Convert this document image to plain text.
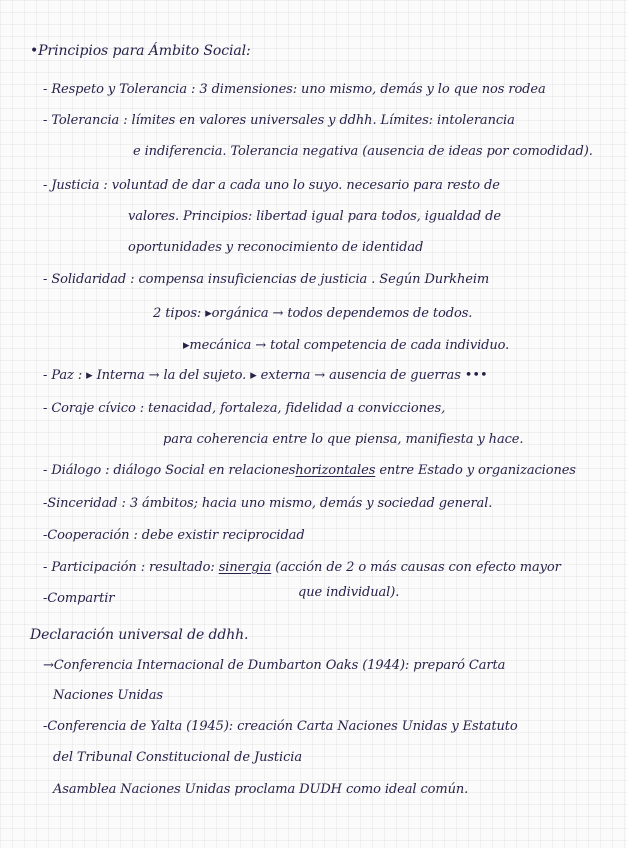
•Principios para Ámbito Social:
- Respeto y Tolerancia : 3 dimensiones: uno mismo, demás y lo que nos rodea
- Tolerancia : límites en valores universales y ddhh. Límites: intolerancia
e indiferencia. Tolerancia negativa (ausencia de ideas por comodidad).
- Justicia : voluntad de dar a cada uno lo suyo. necesario para resto de
valores. Principios: libertad igual para todos, igualdad de
oportunidades y reconocimiento de identidad
- Solidaridad : compensa insuficiencias de justicia . Según Durkheim
2 tipos: ▸orgánica → todos dependemos de todos.
▸mecánica → total competencia de cada individuo.
- Paz : ▸ Interna → la del sujeto. ▸ externa → ausencia de guerras •••
- Coraje cívico : tenacidad, fortaleza, fidelidad a convicciones,
para coherencia entre lo que piensa, manifiesta y hace.
- Diálogo : diálogo Social en relacioneshorizontales entre Estado y organizaciones
-Sinceridad : 3 ámbitos; hacia uno mismo, demás y sociedad general.
-Cooperación : debe existir reciprocidad
- Participación : resultado: sinergia (acción de 2 o más causas con efecto mayor
-Compartir	que individual).
Declaración universal de ddhh.
→Conferencia Internacional de Dumbarton Oaks (1944): preparó Carta
Naciones Unidas
-Conferencia de Yalta (1945): creación Carta Naciones Unidas y Estatuto
del Tribunal Constitucional de Justicia
Asamblea Naciones Unidas proclama DUDH como ideal común.
